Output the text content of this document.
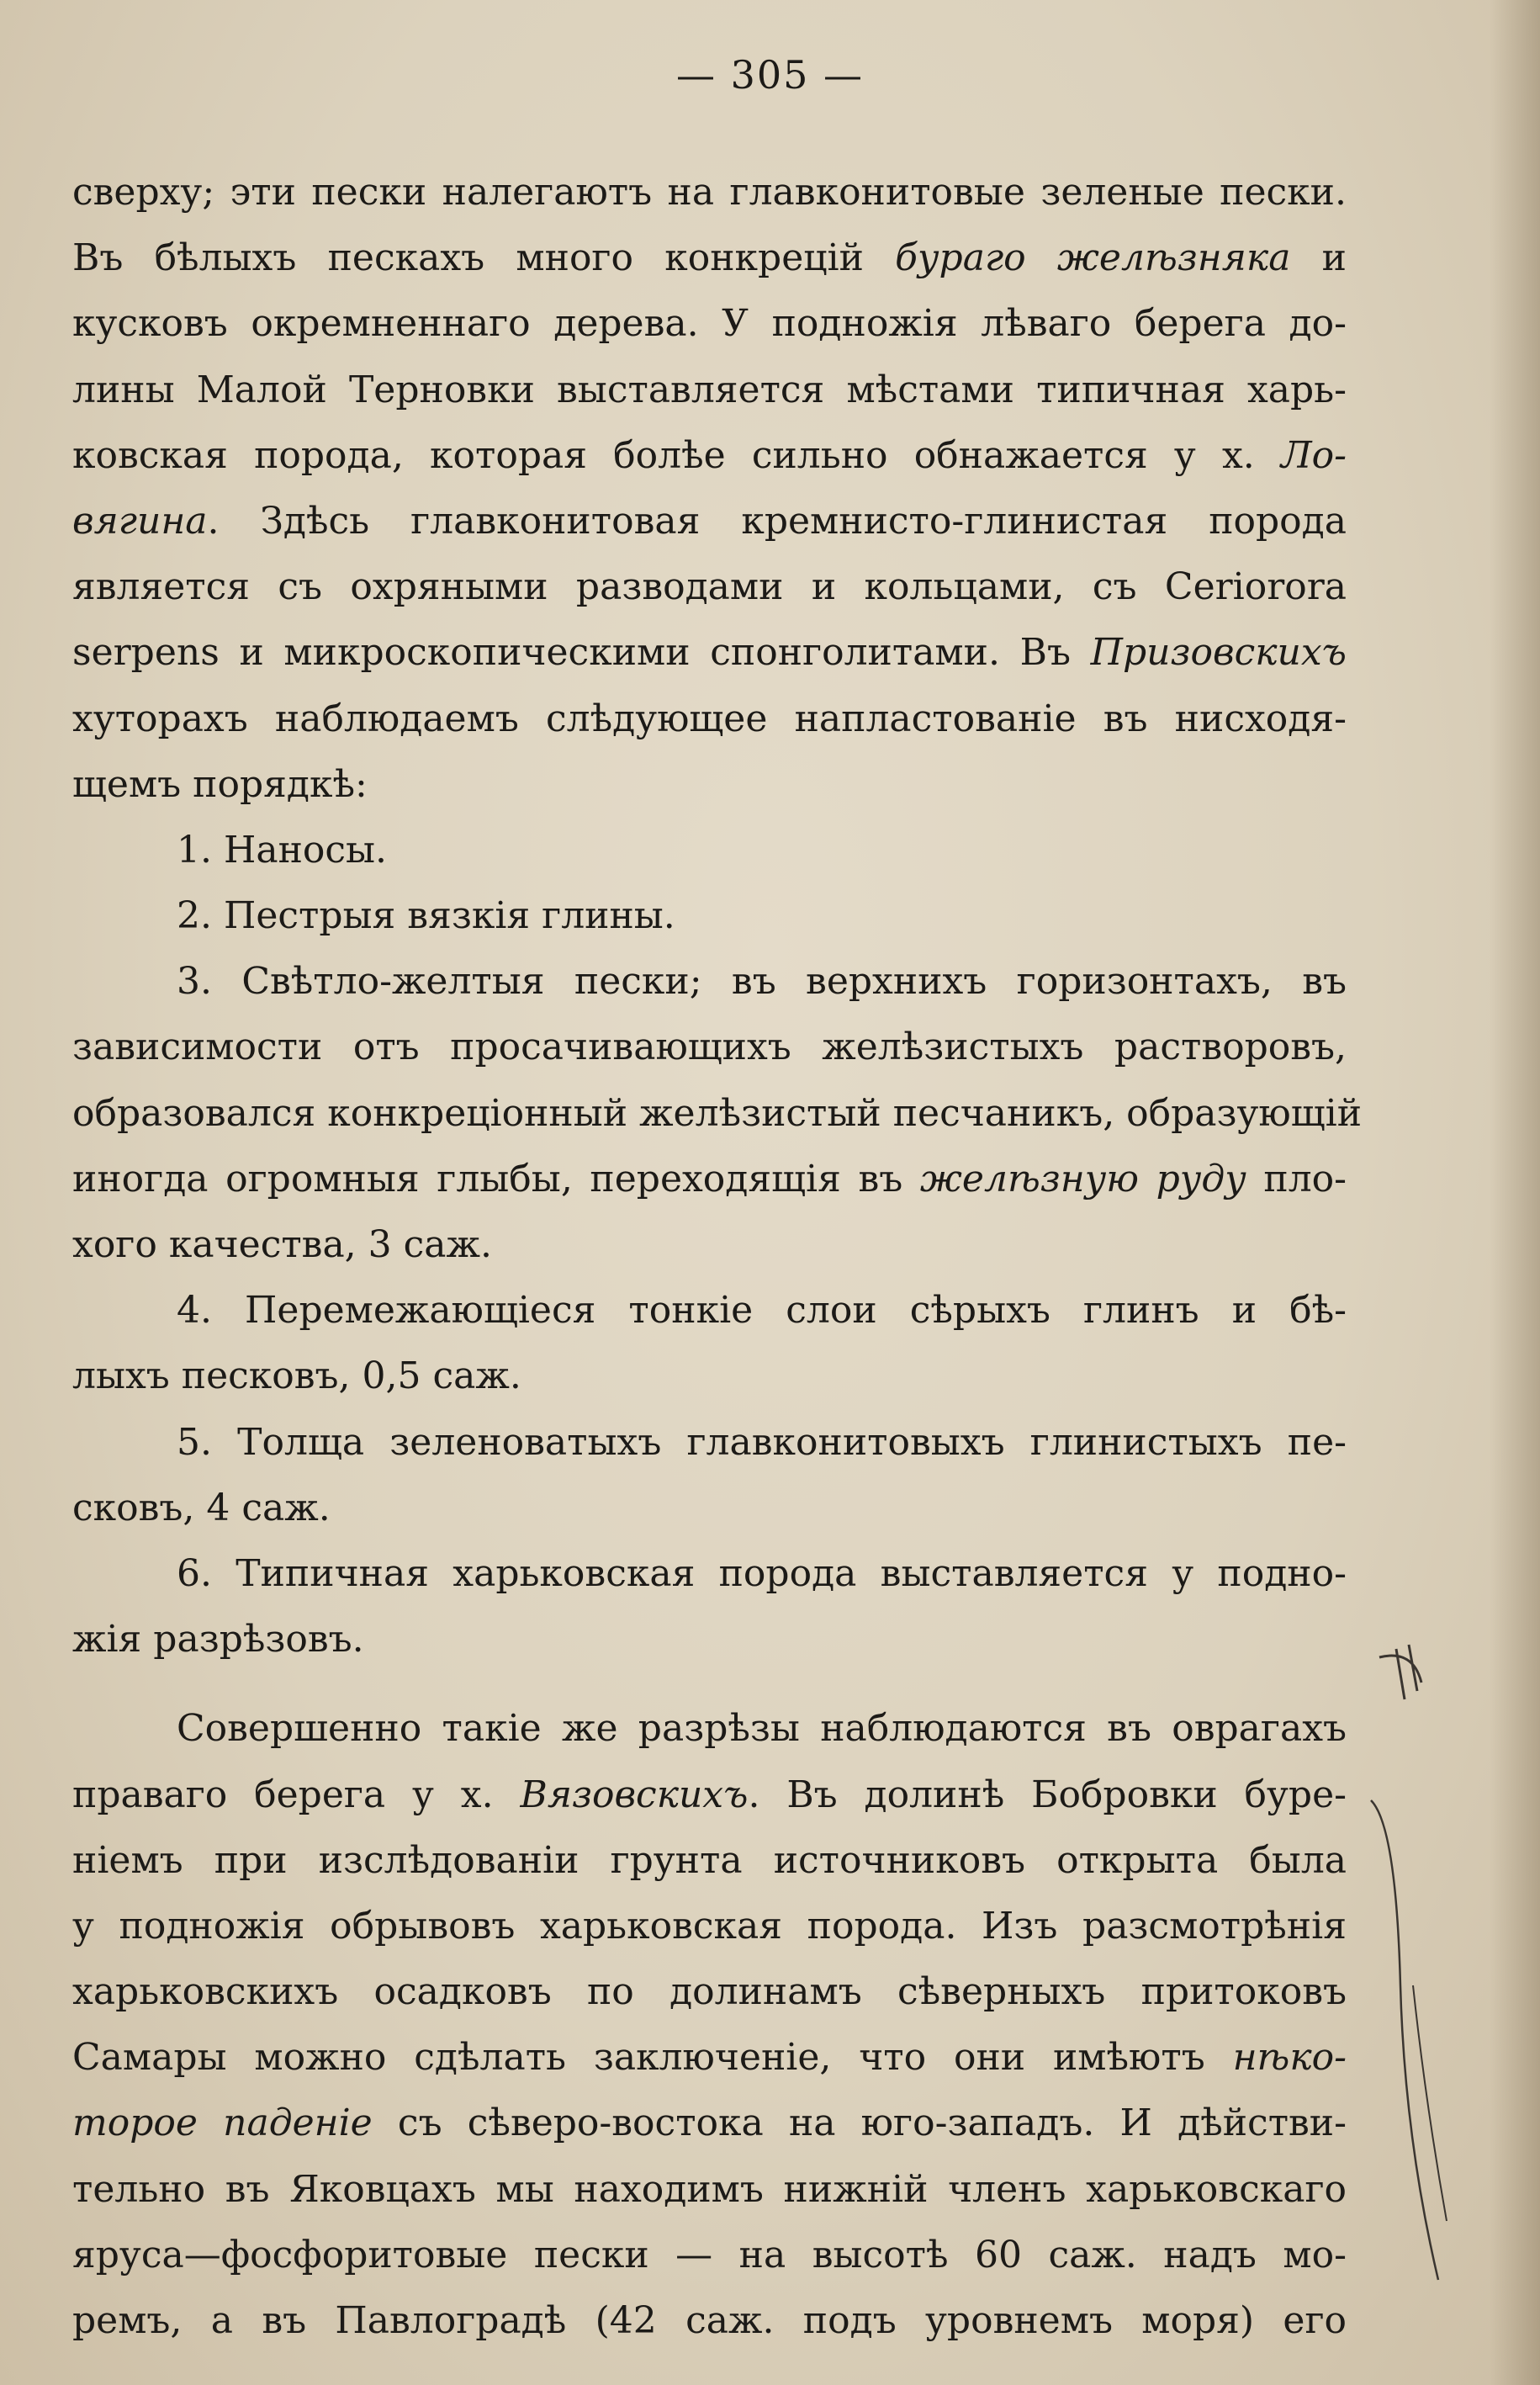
— 305 —
сверху; эти пески налегаютъ на главконитовые зеленые пески.
Въ бѣлыхъ пескахъ много конкрецій бураго желѣзняка и
кусковъ окремненнаго дерева. У подножія лѣваго берега до-
лины Малой Терновки выставляется мѣстами типичная харь-
ковская порода, которая болѣе сильно обнажается у х. Ло-
вягина. Здѣсь главконитовая кремнисто-глинистая порода
является съ охряными разводами и кольцами, съ Ceriorora
serpens и микроскопическими спонголитами. Въ Призовскихъ
хуторахъ наблюдаемъ слѣдующее напластованіе въ нисходя-
щемъ порядкѣ:
1. Наносы.
2. Пестрыя вязкія глины.
3. Свѣтло-желтыя пески; въ верхнихъ горизонтахъ, въ
зависимости отъ просачивающихъ желѣзистыхъ растворовъ,
образовался конкреціонный желѣзистый песчаникъ, образующій
иногда огромныя глыбы, переходящія въ желѣзную руду пло-
хого качества, 3 саж.
4. Перемежающіеся тонкіе слои сѣрыхъ глинъ и бѣ-
лыхъ песковъ, 0,5 саж.
5. Толща зеленоватыхъ главконитовыхъ глинистыхъ пе-
сковъ, 4 саж.
6. Типичная харьковская порода выставляется у подно-
жія разрѣзовъ.
Совершенно такіе же разрѣзы наблюдаются въ оврагахъ
праваго берега у х. Вязовскихъ. Въ долинѣ Бобровки буре-
ніемъ при изслѣдованіи грунта источниковъ открыта была
у подножія обрывовъ харьковская порода. Изъ разсмотрѣнія
харьковскихъ осадковъ по долинамъ сѣверныхъ притоковъ
Самары можно сдѣлать заключеніе, что они имѣютъ нѣко-
торое паденіе съ сѣверо-востока на юго-западъ. И дѣйстви-
тельно въ Яковцахъ мы находимъ нижній членъ харьковскаго
яруса—фосфоритовые пески — на высотѣ 60 саж. надъ мо-
ремъ, а въ Павлоградѣ (42 саж. подъ уровнемъ моря) его
